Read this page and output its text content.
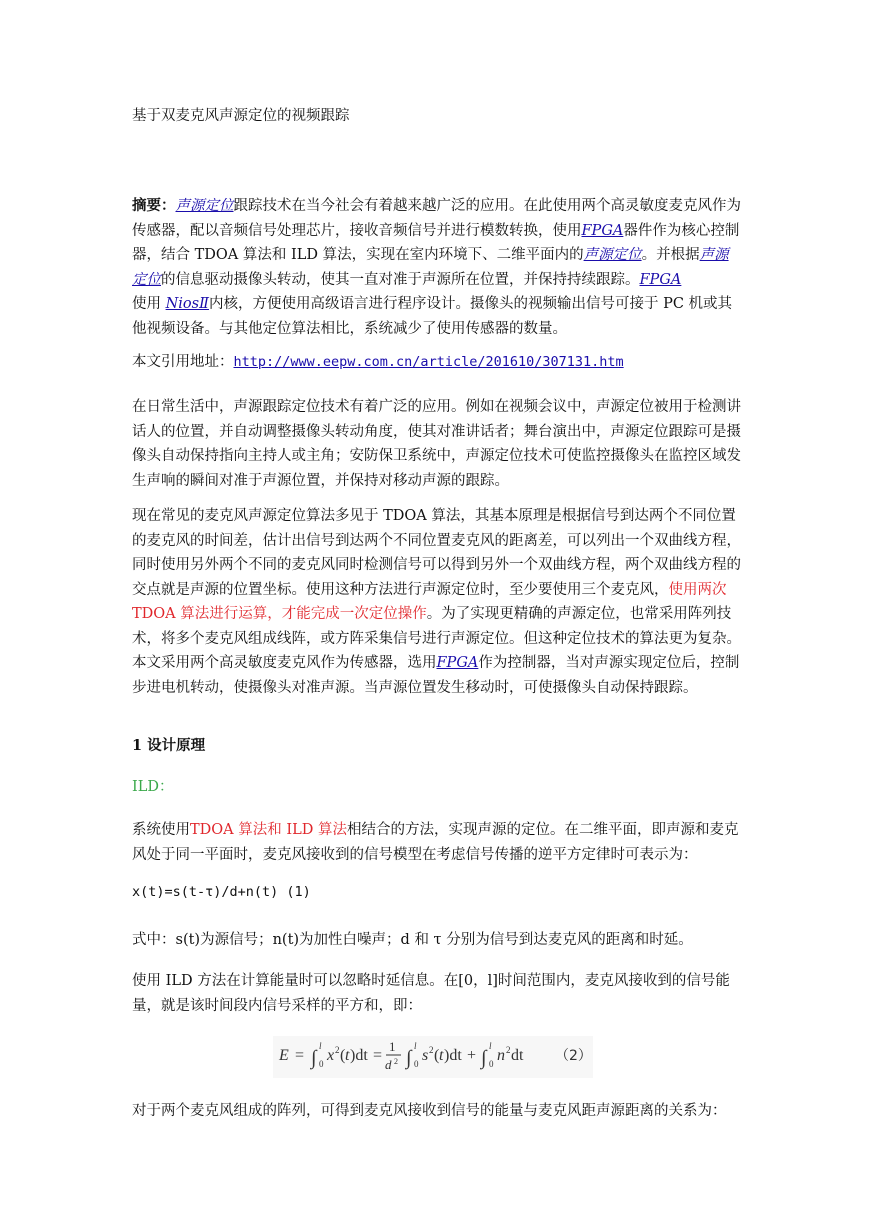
基于双麦克风声源定位的视频跟踪

摘要：声源定位跟踪技术在当今社会有着越来越广泛的应用。在此使用两个高灵敏度麦克风作为传感器，配以音频信号处理芯片，接收音频信号并进行模数转换，使用FPGA器件作为核心控制器，结合 TDOA 算法和 ILD 算法，实现在室内环境下、二维平面内的声源定位。并根据声源定位的信息驱动摄像头转动，使其一直对准于声源所在位置，并保持持续跟踪。FPGA
使用 NiosⅡ内核，方便使用高级语言进行程序设计。摄像头的视频输出信号可接于 PC 机或其他视频设备。与其他定位算法相比，系统减少了使用传感器的数量。

本文引用地址：http://www.eepw.com.cn/article/201610/307131.htm

在日常生活中，声源跟踪定位技术有着广泛的应用。例如在视频会议中，声源定位被用于检测讲话人的位置，并自动调整摄像头转动角度，使其对准讲话者；舞台演出中，声源定位跟踪可是摄像头自动保持指向主持人或主角；安防保卫系统中，声源定位技术可使监控摄像头在监控区域发生声响的瞬间对准于声源位置，并保持对移动声源的跟踪。

现在常见的麦克风声源定位算法多见于 TDOA 算法，其基本原理是根据信号到达两个不同位置的麦克风的时间差，估计出信号到达两个不同位置麦克风的距离差，可以列出一个双曲线方程，同时使用另外两个不同的麦克风同时检测信号可以得到另外一个双曲线方程，两个双曲线方程的交点就是声源的位置坐标。使用这种方法进行声源定位时，至少要使用三个麦克风，使用两次 TDOA 算法进行运算，才能完成一次定位操作。为了实现更精确的声源定位，也常采用阵列技术，将多个麦克风组成线阵，或方阵采集信号进行声源定位。但这种定位技术的算法更为复杂。本文采用两个高灵敏度麦克风作为传感器，选用FPGA作为控制器，当对声源实现定位后，控制步进电机转动，使摄像头对准声源。当声源位置发生移动时，可使摄像头自动保持跟踪。

1 设计原理

ILD：

系统使用TDOA 算法和 ILD 算法相结合的方法，实现声源的定位。在二维平面，即声源和麦克风处于同一平面时，麦克风接收到的信号模型在考虑信号传播的逆平方定律时可表示为：

x(t)=s(t-τ)/d+n(t) (1)

式中：s(t)为源信号；n(t)为加性白噪声；d 和 τ 分别为信号到达麦克风的距离和时延。

使用 ILD 方法在计算能量时可以忽略时延信息。在[0，l]时间范围内，麦克风接收到的信号能量，就是该时间段内信号采样的平方和，即：

E = ∫
l
0 x 2 ( t )dt =
1
d 2 ∫
l
0 s 2 ( t )dt + ∫
l
0 n 2 dt （2）

对于两个麦克风组成的阵列，可得到麦克风接收到信号的能量与麦克风距声源距离的关系为：
